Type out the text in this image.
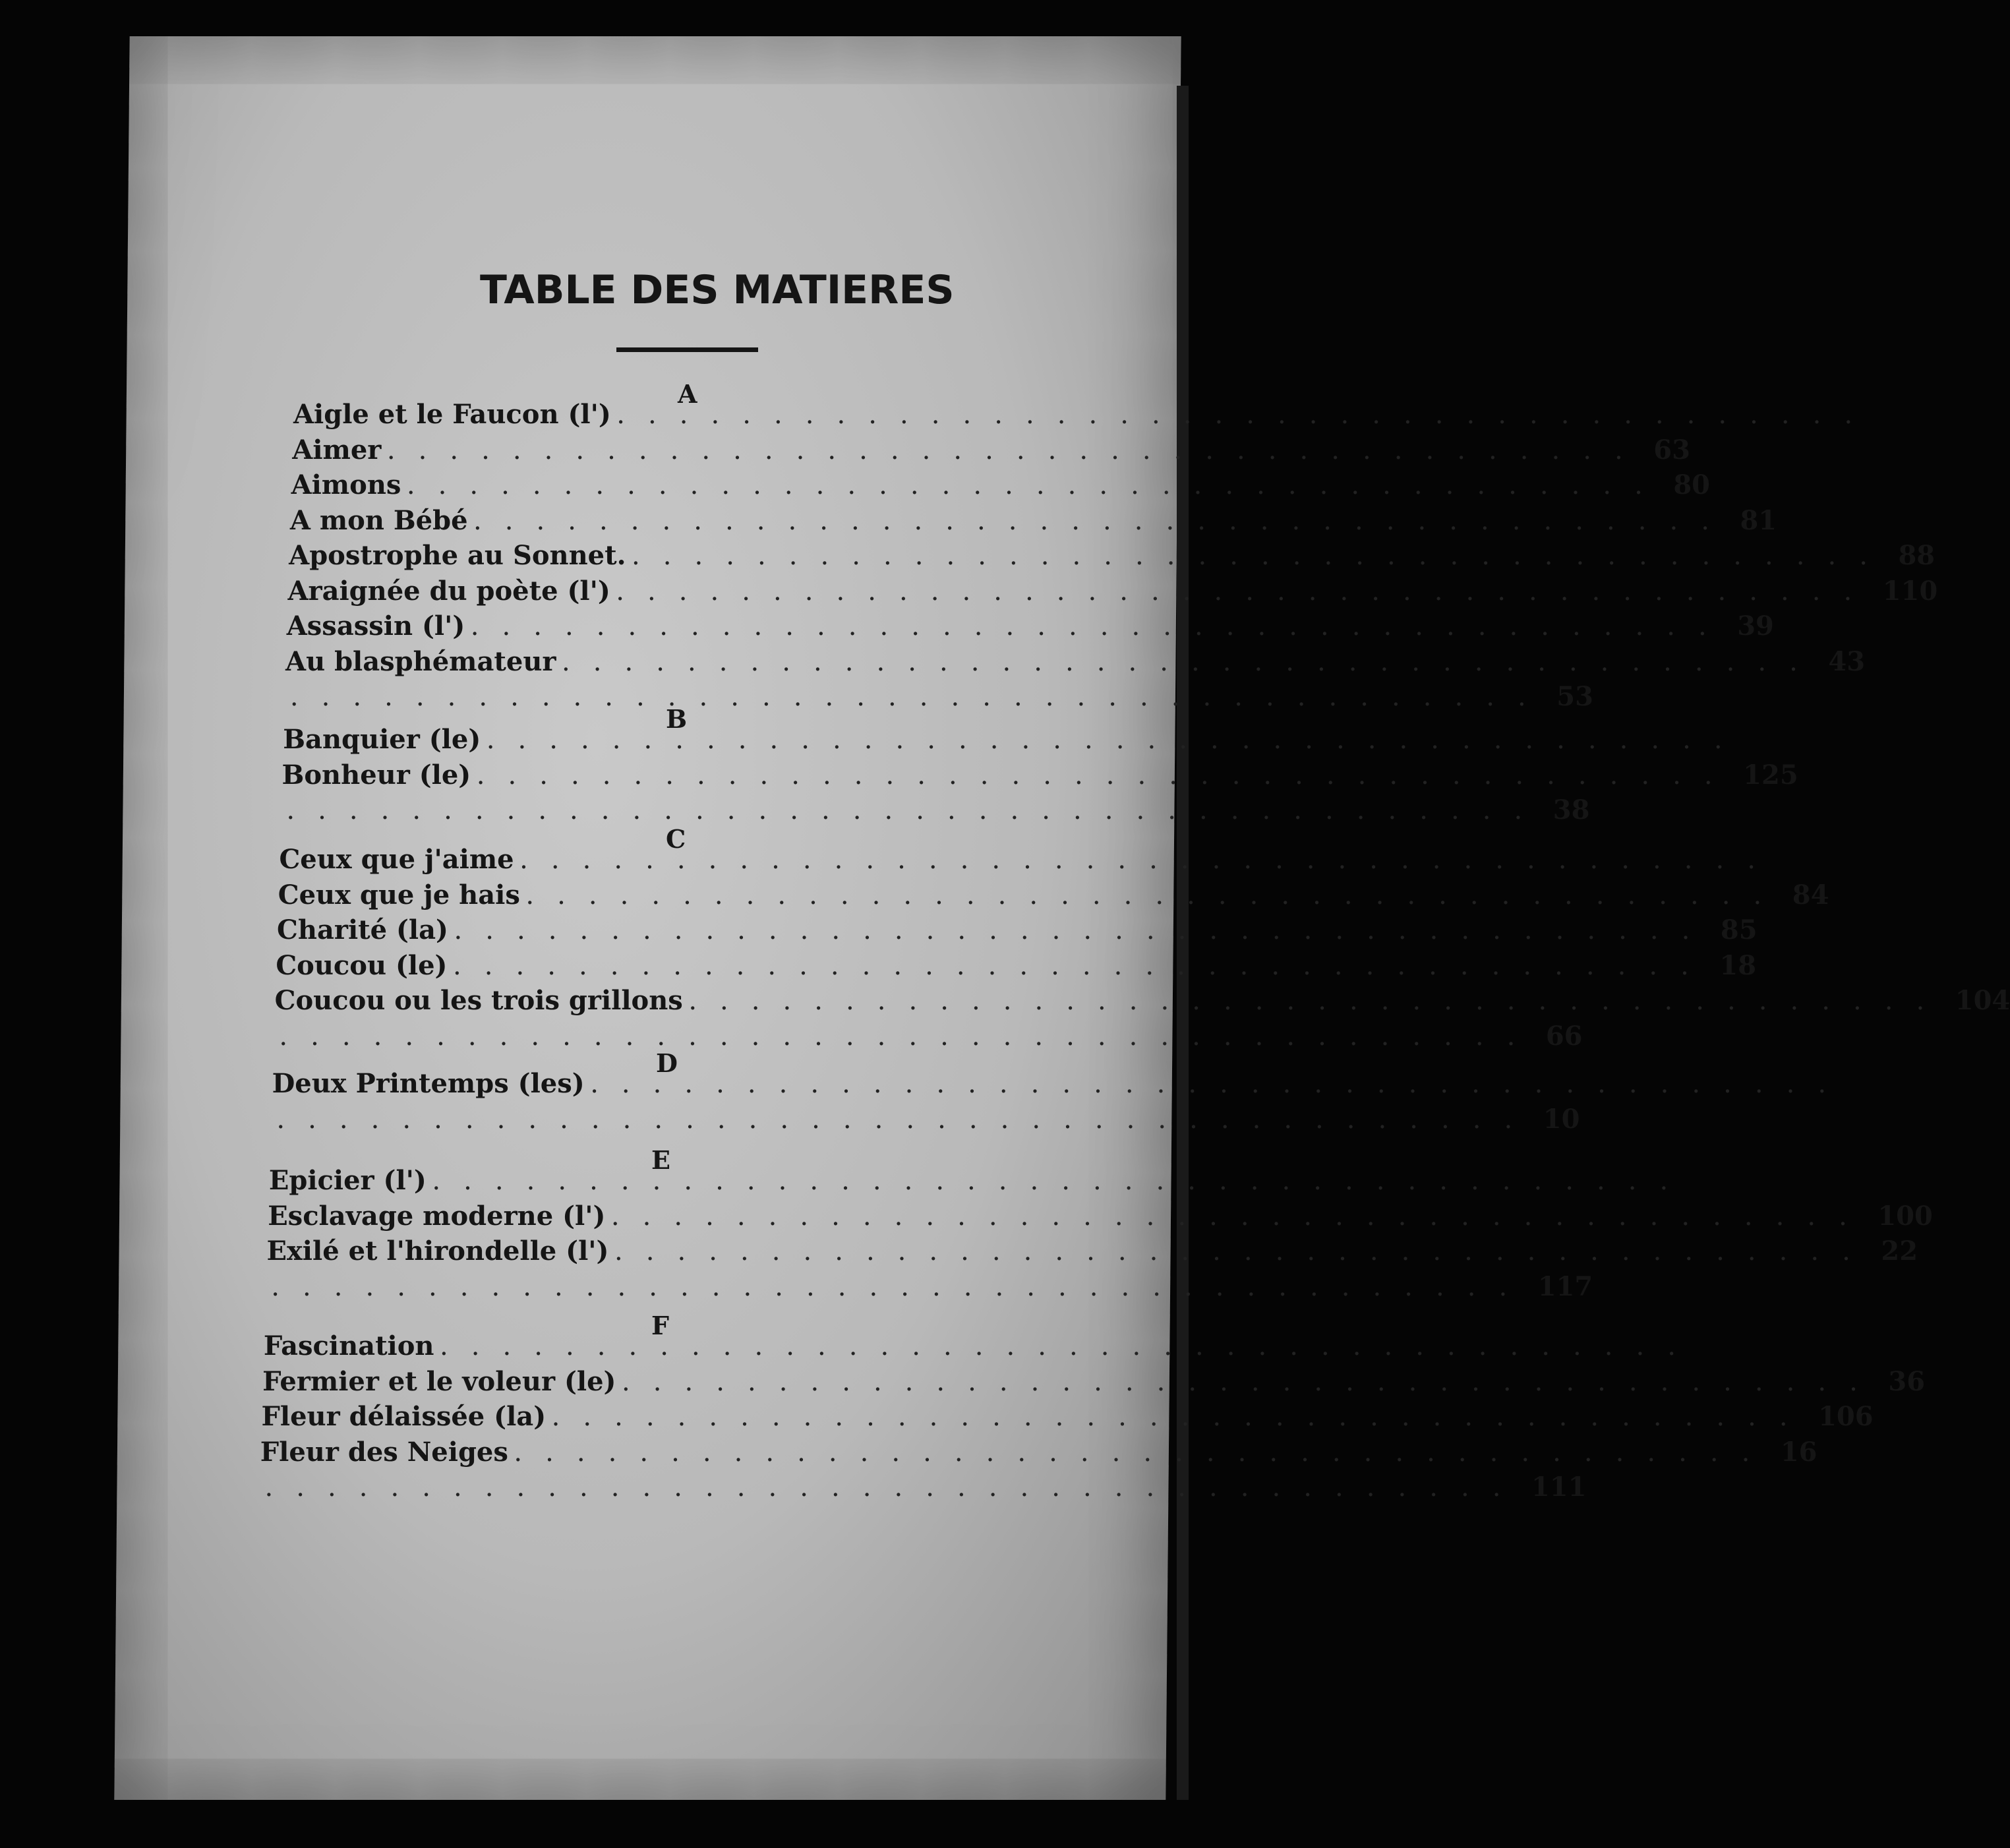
TABLE DES MATIERES
A
Aigle et le Faucon (l') ........................................
Aimer ........................................ 63
Aimons ........................................ 80
A mon Bébé ........................................ 81
Apostrophe au Sonnet. ........................................ 88
Araignée du poète (l') ........................................ 110
Assassin (l') ........................................ 39
Au blasphémateur ........................................ 43
........................................ 53
B
Banquier (le) ........................................
Bonheur (le) ........................................ 125
........................................ 38
C
Ceux que j'aime ........................................
Ceux que je hais ........................................ 84
Charité (la) ........................................ 85
Coucou (le) ........................................ 18
Coucou ou les trois grillons ........................................ 104
........................................ 66
D
Deux Printemps (les) ........................................
........................................ 10
E
Epicier (l') ........................................
Esclavage moderne (l') ........................................ 100
Exilé et l'hirondelle (l') ........................................ 22
........................................ 117
F
Fascination ........................................
Fermier et le voleur (le) ........................................ 36
Fleur délaissée (la) ........................................ 106
Fleur des Neiges ........................................ 16
........................................ 111
